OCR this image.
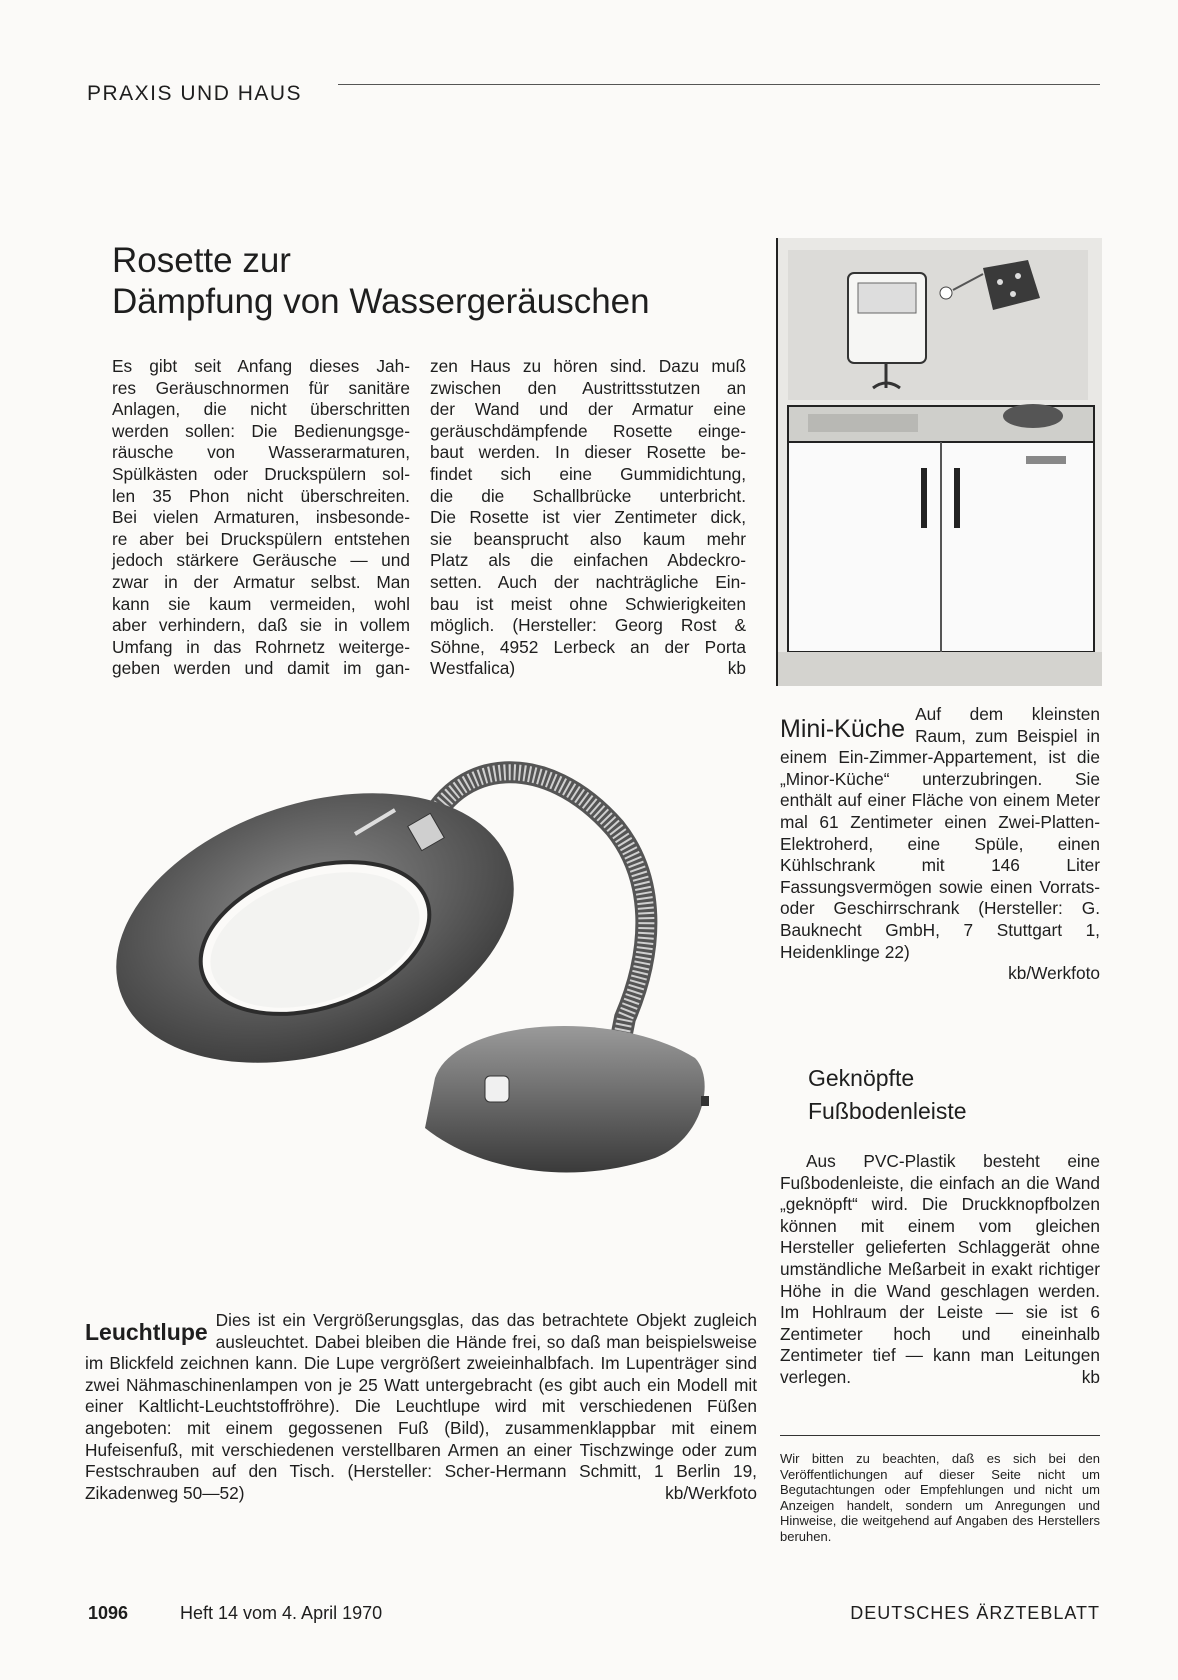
PRAXIS UND HAUS
Rosette zur
Dämpfung von Wassergeräuschen
Es gibt seit Anfang dieses Jah-
res Geräuschnormen für sanitäre
Anlagen, die nicht überschritten
werden sollen: Die Bedienungsge-
räusche von Wasserarmaturen,
Spülkästen oder Druckspülern sol-
len 35 Phon nicht überschreiten.
Bei vielen Armaturen, insbesonde-
re aber bei Druckspülern entstehen
jedoch stärkere Geräusche — und
zwar in der Armatur selbst. Man
kann sie kaum vermeiden, wohl
aber verhindern, daß sie in vollem
Umfang in das Rohrnetz weiterge-
geben werden und damit im gan-
zen Haus zu hören sind. Dazu muß
zwischen den Austrittsstutzen an
der Wand und der Armatur eine
geräuschdämpfende Rosette einge-
baut werden. In dieser Rosette be-
findet sich eine Gummidichtung,
die die Schallbrücke unterbricht.
Die Rosette ist vier Zentimeter dick,
sie beansprucht also kaum mehr
Platz als die einfachen Abdeckro-
setten. Auch der nachträgliche Ein-
bau ist meist ohne Schwierigkeiten
möglich. (Hersteller: Georg Rost &
Söhne, 4952 Lerbeck an der Porta
Westfalica)	kb
Mini-Küche
Auf dem kleinsten Raum, zum Beispiel in einem Ein-Zimmer-Appartement, ist die „Minor-Küche“ unterzubringen. Sie enthält auf einer Fläche von einem Meter mal 61 Zentimeter einen Zwei-Platten-Elektroherd, eine Spüle, einen Kühlschrank mit 146 Liter Fassungsvermögen sowie einen Vorrats- oder Geschirrschrank (Hersteller: G. Bauknecht GmbH, 7 Stuttgart 1, Heidenklinge 22)
kb/Werkfoto
Geknöpfte
Fußbodenleiste
Aus PVC-Plastik besteht eine Fußbodenleiste, die einfach an die Wand „geknöpft“ wird. Die Druckknopfbolzen können mit einem vom gleichen Hersteller gelieferten Schlaggerät ohne umständliche Meßarbeit in exakt richtiger Höhe in die Wand geschlagen werden. Im Hohlraum der Leiste — sie ist 6 Zentimeter hoch und eineinhalb Zentimeter tief — kann man Leitungen verlegen.	kb
Wir bitten zu beachten, daß es sich bei den Veröffentlichungen auf dieser Seite nicht um Begutachtungen oder Empfehlungen und nicht um Anzeigen handelt, sondern um Anregungen und Hinweise, die weitgehend auf Angaben des Herstellers beruhen.
Leuchtlupe Dies ist ein Vergrößerungsglas, das das betrachtete Objekt zugleich ausleuchtet. Dabei bleiben die Hände frei, so daß man beispielsweise im Blickfeld zeichnen kann. Die Lupe vergrößert zweieinhalbfach. Im Lupenträger sind zwei Nähmaschinenlampen von je 25 Watt untergebracht (es gibt auch ein Modell mit einer Kaltlicht-Leuchtstoffröhre). Die Leuchtlupe wird mit verschiedenen Füßen angeboten: mit einem gegossenen Fuß (Bild), zusammenklappbar mit einem Hufeisenfuß, mit verschiedenen verstellbaren Armen an einer Tischzwinge oder zum Festschrauben auf den Tisch. (Hersteller: Scher-Hermann Schmitt, 1 Berlin 19, Zikadenweg 50—52)	kb/Werkfoto
1096	Heft 14 vom 4. April 1970	DEUTSCHES ÄRZTEBLATT
